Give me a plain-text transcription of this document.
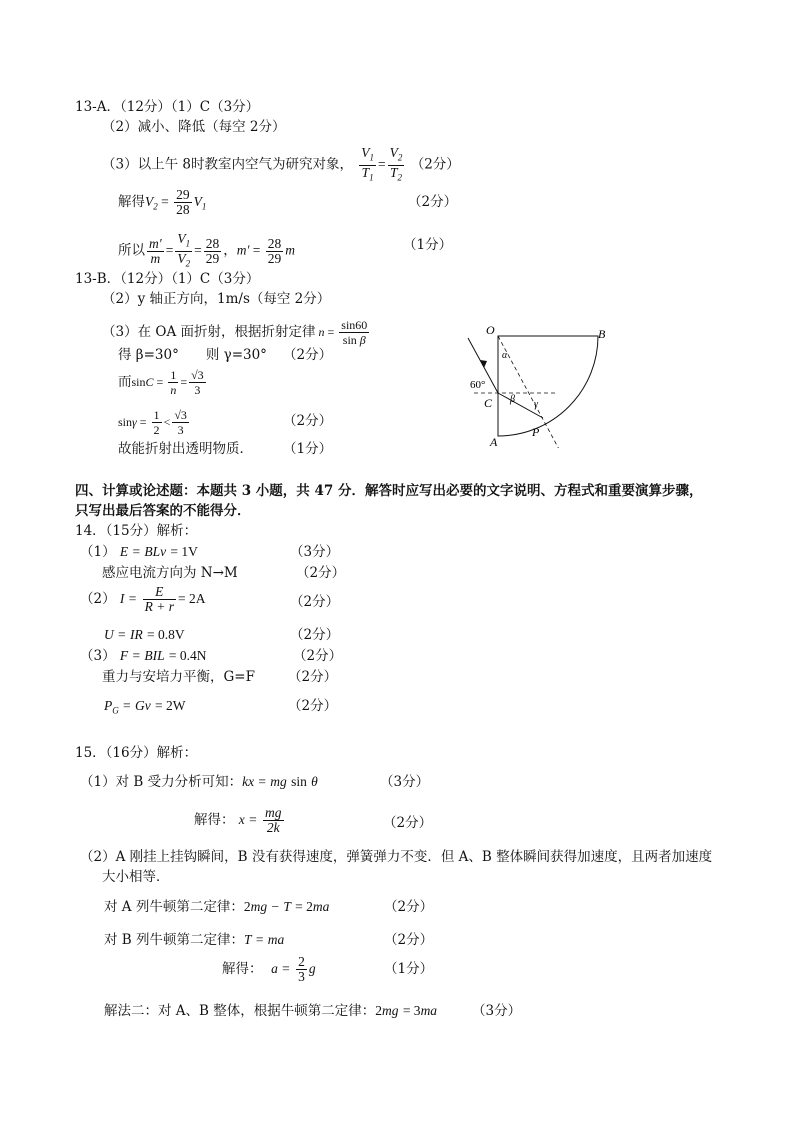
13-A．（12分）（1）C（3分）
（2）减小、降低（每空 2分）
（3）以上午 8时教室内空气为研究对象， $\frac{V_1}{T_1} = \frac{V_2}{T_2} (2$分）
解得$V_2 = \frac{29}{28} V_1$	（2分）
所以 $\frac{m'}{m} = \frac{V_1}{V_2} = \frac{28}{29}$ ，$m' = \frac{28}{29}$ m	（1分）
13-B．（12分）（1）C（3分）
（2）y 轴正方向，1m/s（每空 2分）
（3）在 OA 面折射，根据折射定律 $n = \frac{\sin 60}{\text{sin β}}$
得 β=30°　　则 γ=30° （2分）
而$\sin C = \frac{1}{n} = \frac{√3}{3}$
$\sin\gamma = \frac{1}{2} < \frac{√3}{3}$	（2分）
故能折射出透明物质． （1分）
O	B
C
A
P
60°
α
β γ
四、计算或论述题：本题共 3 小题，共 47 分．解答时应写出必要的文字说明、方程式和重要演算步骤，
只写出最后答案的不能得分．
14．（15分）解析：
（1） E = BLv = 1V	（3分）
感应电流方向为 N→M	（2分）
（2） $I = \frac{E}{R + r} = 2A$	（2分）
U = IR = 0.8V	（2分）
（3） F = BIL = 0.4N	（2分）
重力与安培力平衡，G=F （2分）
$P_G = Gv = 2W$	（2分）
15．（16分）解析：
（1）对 B 受力分析可知：kx = mg sin θ	（3分）
解得： $x = \frac{mg}{2k}$	（2分）
（2）A 刚挂上挂钩瞬间，B 没有获得速度，弹簧弹力不变．但 A、B 整体瞬间获得加速度，且两者加速度
大小相等．
对 A 列牛顿第二定律：2mg − T = 2ma	（2分）
对 B 列牛顿第二定律：T = ma	（2分）
解得： $a = \frac{2}{3}$ g	（1分）
解法二：对 A、B 整体，根据牛顿第二定律：2mg = 3ma	（3分）
